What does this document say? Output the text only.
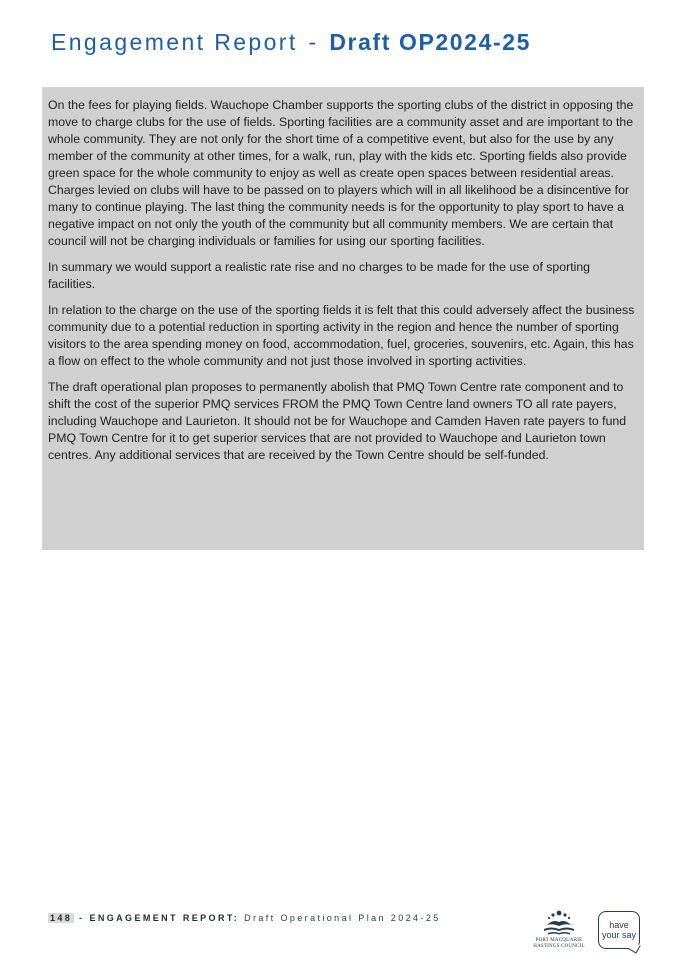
Engagement Report - Draft OP2024-25

On the fees for playing fields. Wauchope Chamber supports the sporting clubs of the district in opposing the move to charge clubs for the use of fields. Sporting facilities are a community asset and are important to the whole community. They are not only for the short time of a competitive event, but also for the use by any member of the community at other times, for a walk, run, play with the kids etc. Sporting fields also provide green space for the whole community to enjoy as well as create open spaces between residential areas. Charges levied on clubs will have to be passed on to players which will in all likelihood be a disincentive for many to continue playing. The last thing the community needs is for the opportunity to play sport to have a negative impact on not only the youth of the community but all community members. We are certain that council will not be charging individuals or families for using our sporting facilities.

In summary we would support a realistic rate rise and no charges to be made for the use of sporting facilities.

In relation to the charge on the use of the sporting fields it is felt that this could adversely affect the business community due to a potential reduction in sporting activity in the region and hence the number of sporting visitors to the area spending money on food, accommodation, fuel, groceries, souvenirs, etc. Again, this has a flow on effect to the whole community and not just those involved in sporting activities.

The draft operational plan proposes to permanently abolish that PMQ Town Centre rate component and to shift the cost of the superior PMQ services FROM the PMQ Town Centre land owners TO all rate payers, including Wauchope and Laurieton. It should not be for Wauchope and Camden Haven rate payers to fund PMQ Town Centre for it to get superior services that are not provided to Wauchope and Laurieton town centres. Any additional services that are received by the Town Centre should be self-funded.

148 - ENGAGEMENT REPORT: Draft Operational Plan 2024-25
PORT MACQUARIE
HASTINGS COUNCIL
have
your say
